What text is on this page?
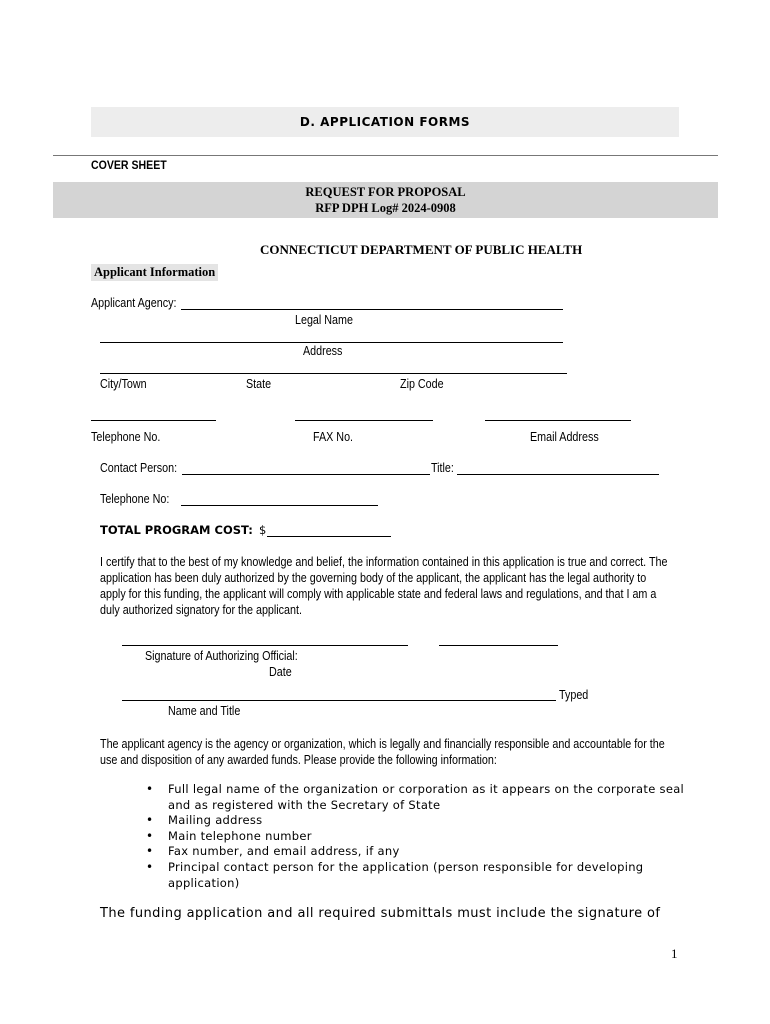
D. APPLICATION FORMS
COVER SHEET
REQUEST FOR PROPOSAL
RFP DPH Log# 2024-0908
CONNECTICUT DEPARTMENT OF PUBLIC HEALTH
Applicant Information
Applicant Agency:
Legal Name
Address
City/Town	State	Zip Code
Telephone No.	FAX No.	Email Address
Contact Person:	Title:
Telephone No:
TOTAL PROGRAM COST: $
I certify that to the best of my knowledge and belief, the information contained in this application is true and correct. The application has been duly authorized by the governing body of the applicant, the applicant has the legal authority to apply for this funding, the applicant will comply with applicable state and federal laws and regulations, and that I am a duly authorized signatory for the applicant.
Signature of Authorizing Official:
Date
Typed
Name and Title
The applicant agency is the agency or organization, which is legally and financially responsible and accountable for the use and disposition of any awarded funds. Please provide the following information:
• Full legal name of the organization or corporation as it appears on the corporate seal and as registered with the Secretary of State
• Mailing address
• Main telephone number
• Fax number, and email address, if any
• Principal contact person for the application (person responsible for developing application)
The funding application and all required submittals must include the signature of
1
